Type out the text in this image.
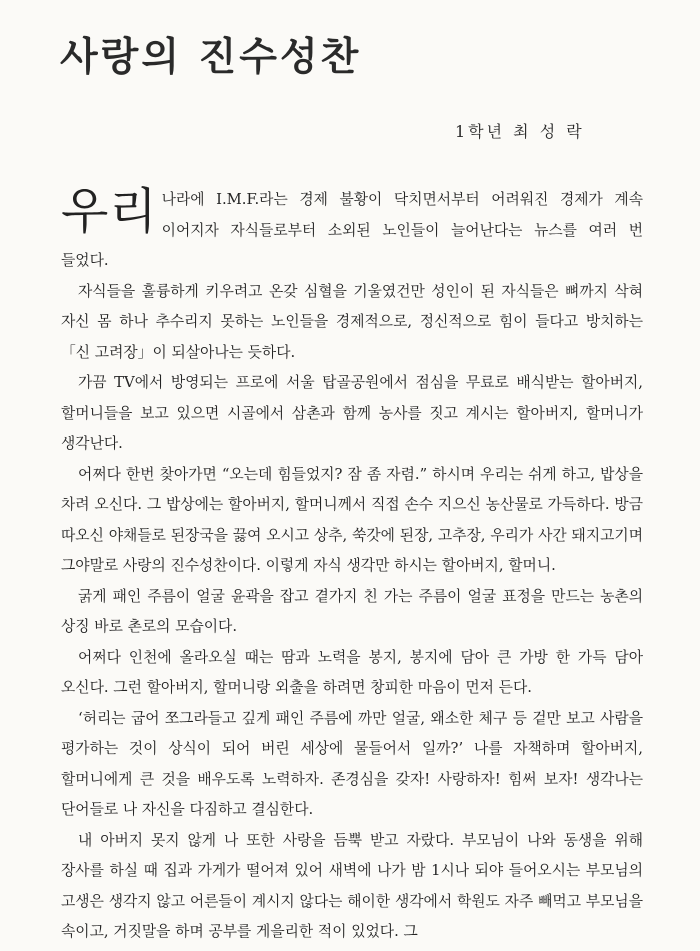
사랑의 진수성찬

1학년 최 성 락

우리 나라에 I.M.F.라는 경제 불황이 닥치면서부터 어려워진 경제가 계속 이어지자 자식들로부터 소외된 노인들이 늘어난다는 뉴스를 여러 번 들었다.

자식들을 훌륭하게 키우려고 온갖 심혈을 기울였건만 성인이 된 자식들은 뼈까지 삭혀 자신 몸 하나 추수리지 못하는 노인들을 경제적으로, 정신적으로 힘이 들다고 방치하는 「신 고려장」이 되살아나는 듯하다.

가끔 TV에서 방영되는 프로에 서울 탑골공원에서 점심을 무료로 배식받는 할아버지, 할머니들을 보고 있으면 시골에서 삼촌과 함께 농사를 짓고 계시는 할아버지, 할머니가 생각난다.

어쩌다 한번 찾아가면 “오는데 힘들었지? 잠 좀 자렴.” 하시며 우리는 쉬게 하고, 밥상을 차려 오신다. 그 밥상에는 할아버지, 할머니께서 직접 손수 지으신 농산물로 가득하다. 방금 따오신 야채들로 된장국을 끓여 오시고 상추, 쑥갓에 된장, 고추장, 우리가 사간 돼지고기며 그야말로 사랑의 진수성찬이다. 이렇게 자식 생각만 하시는 할아버지, 할머니.

굵게 패인 주름이 얼굴 윤곽을 잡고 곁가지 친 가는 주름이 얼굴 표정을 만드는 농촌의 상징 바로 촌로의 모습이다.

어쩌다 인천에 올라오실 때는 땀과 노력을 봉지, 봉지에 담아 큰 가방 한 가득 담아 오신다. 그런 할아버지, 할머니랑 외출을 하려면 창피한 마음이 먼저 든다.

‘허리는 굽어 쪼그라들고 깊게 패인 주름에 까만 얼굴, 왜소한 체구 등 겉만 보고 사람을 평가하는 것이 상식이 되어 버린 세상에 물들어서 일까?’ 나를 자책하며 할아버지, 할머니에게 큰 것을 배우도록 노력하자. 존경심을 갖자! 사랑하자! 힘써 보자! 생각나는 단어들로 나 자신을 다짐하고 결심한다.

내 아버지 못지 않게 나 또한 사랑을 듬뿍 받고 자랐다. 부모님이 나와 동생을 위해 장사를 하실 때 집과 가게가 떨어져 있어 새벽에 나가 밤 1시나 되야 들어오시는 부모님의 고생은 생각지 않고 어른들이 계시지 않다는 해이한 생각에서 학원도 자주 빼먹고 부모님을 속이고, 거짓말을 하며 공부를 게을리한 적이 있었다. 그
